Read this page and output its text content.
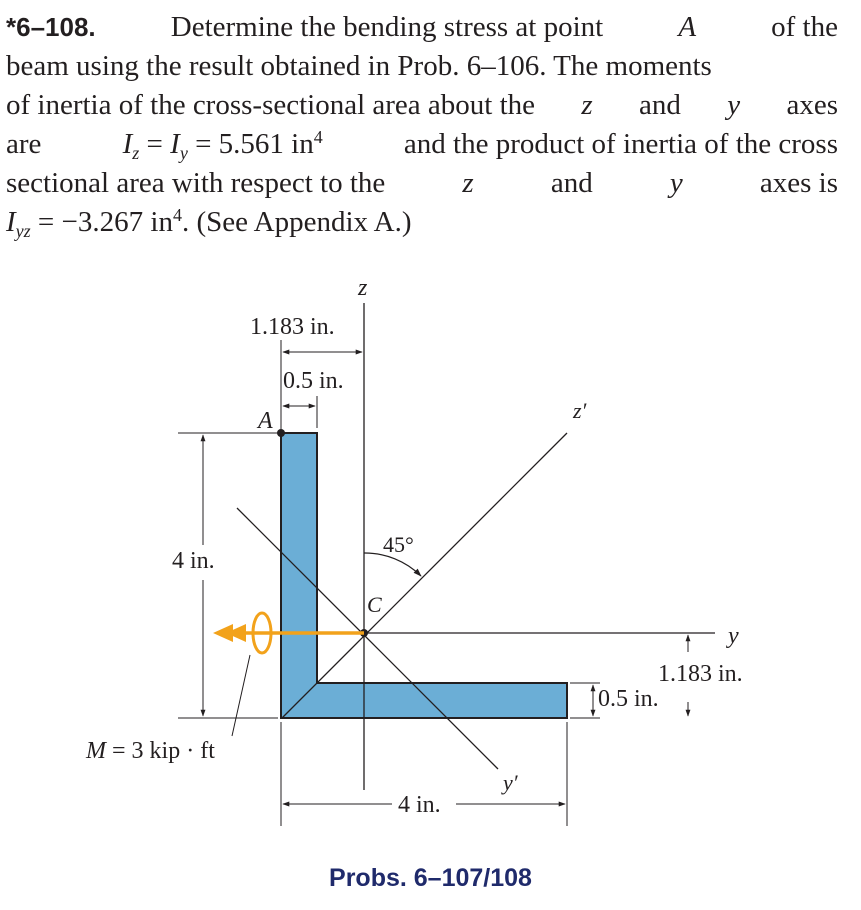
*6–108.	Determine the bending stress at point	A	of the
beam using the result obtained in Prob. 6–106. The moments
of inertia of the cross-sectional area about the z and y axes
are	$I_z = I_y = 5.561$ $in^4$	and the product of inertia of the cross
sectional area with respect to the	z	and	y	axes is
$I_{yz} = -3.267$ $in^4$. (See Appendix A.)
z
y
z′
y′
A
C
1.183 in.
0.5 in.
4 in.
4 in.
1.183 in.
0.5 in.
45°
M = 3 kip · ft
Probs. 6–107/108
